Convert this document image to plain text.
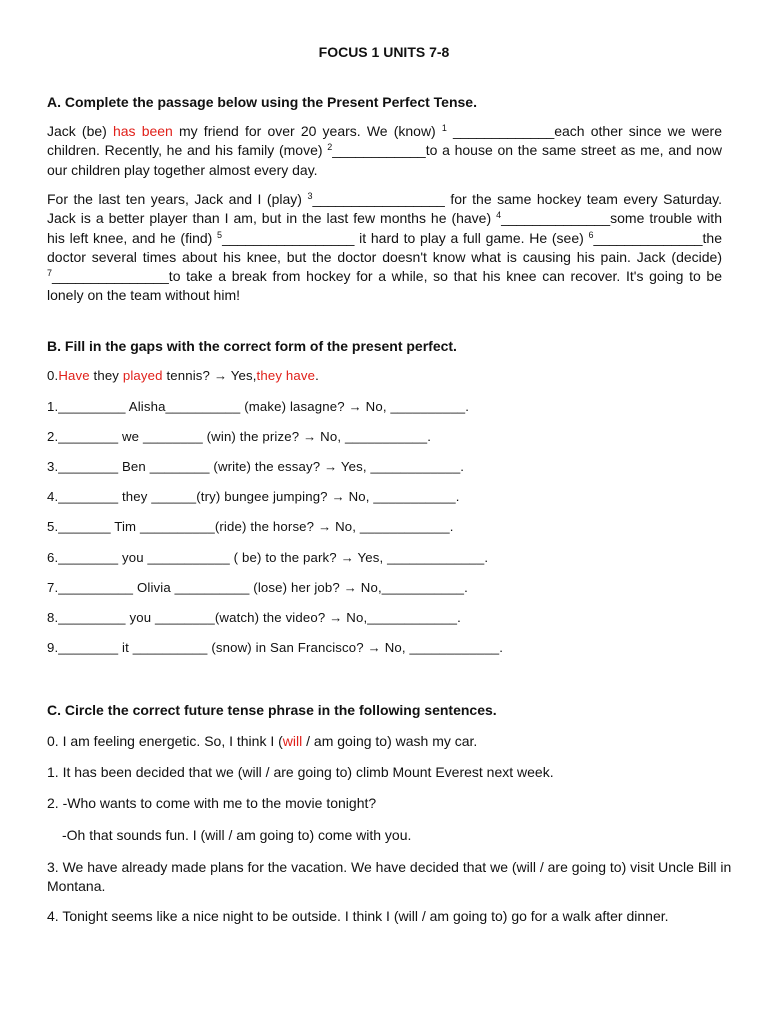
FOCUS 1 UNITS 7-8
A. Complete the passage below using the Present Perfect Tense.
Jack (be) has been my friend for over 20 years. We (know) $^1$ _____________each other since we were children. Recently, he and his family (move) $^2$____________to a house on the same street as me, and now our children play together almost every day.
For the last ten years, Jack and I (play) $^3$_________________ for the same hockey team every Saturday. Jack is a better player than I am, but in the last few months he (have) $^4$______________some trouble with his left knee, and he (find) $^5$_________________ it hard to play a full game. He (see) $^6$______________the doctor several times about his knee, but the doctor doesn't know what is causing his pain. Jack (decide) $^7$_______________to take a break from hockey for a while, so that his knee can recover. It's going to be lonely on the team without him!
B. Fill in the gaps with the correct form of the present perfect.
0.Have they played tennis? → Yes,they have.
1._________ Alisha__________ (make) lasagne? → No, __________.
2.________ we ________ (win) the prize? → No, ___________.
3.________ Ben ________ (write) the essay? → Yes, ____________.
4.________ they ______(try) bungee jumping? → No, ___________.
5._______ Tim __________(ride) the horse? → No, ____________.
6.________ you ___________ ( be) to the park? → Yes, _____________.
7.__________ Olivia __________ (lose) her job? → No,___________.
8._________ you ________(watch) the video? → No,____________.
9.________ it __________ (snow) in San Francisco? → No, ____________.
C. Circle the correct future tense phrase in the following sentences.
0. I am feeling energetic. So, I think I (will / am going to) wash my car.
1. It has been decided that we (will / are going to) climb Mount Everest next week.
2. -Who wants to come with me to the movie tonight?
-Oh that sounds fun. I (will / am going to) come with you.
3. We have already made plans for the vacation. We have decided that we (will / are going to) visit Uncle Bill in Montana.
4. Tonight seems like a nice night to be outside. I think I (will / am going to) go for a walk after dinner.
